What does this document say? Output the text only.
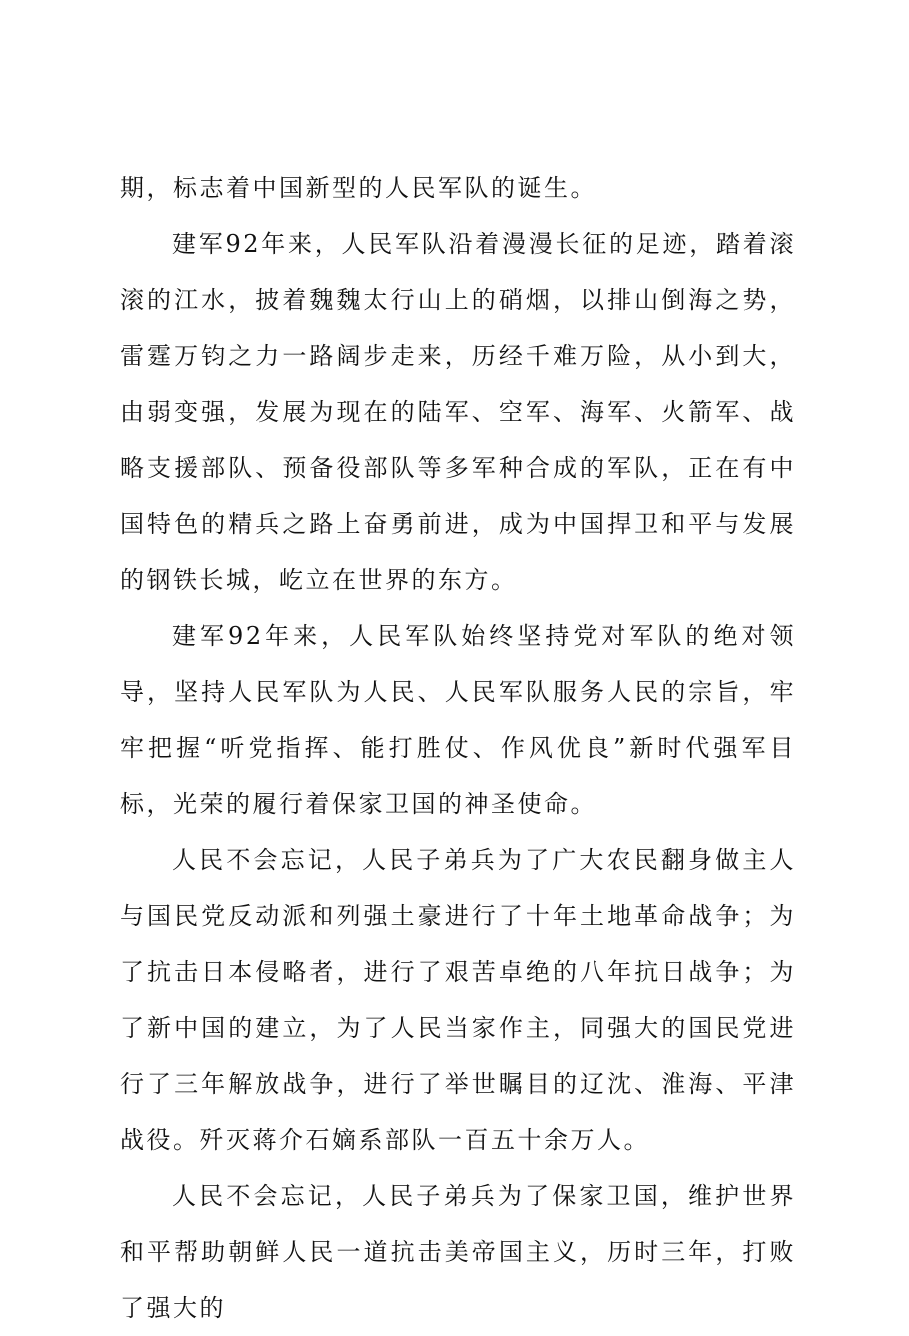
期，标志着中国新型的人民军队的诞生。

建军92年来，人民军队沿着漫漫长征的足迹，踏着滚滚的江水，披着魏魏太行山上的硝烟，以排山倒海之势，雷霆万钧之力一路阔步走来，历经千难万险，从小到大，由弱变强，发展为现在的陆军、空军、海军、火箭军、战略支援部队、预备役部队等多军种合成的军队，正在有中国特色的精兵之路上奋勇前进，成为中国捍卫和平与发展的钢铁长城，屹立在世界的东方。

建军92年来，人民军队始终坚持党对军队的绝对领导，坚持人民军队为人民、人民军队服务人民的宗旨，牢牢把握“听党指挥、能打胜仗、作风优良”新时代强军目标，光荣的履行着保家卫国的神圣使命。

人民不会忘记，人民子弟兵为了广大农民翻身做主人与国民党反动派和列强土豪进行了十年土地革命战争；为了抗击日本侵略者，进行了艰苦卓绝的八年抗日战争；为了新中国的建立，为了人民当家作主，同强大的国民党进行了三年解放战争，进行了举世瞩目的辽沈、淮海、平津战役。歼灭蒋介石嫡系部队一百五十余万人。

人民不会忘记，人民子弟兵为了保家卫国，维护世界和平帮助朝鲜人民一道抗击美帝国主义，历时三年，打败了强大的
